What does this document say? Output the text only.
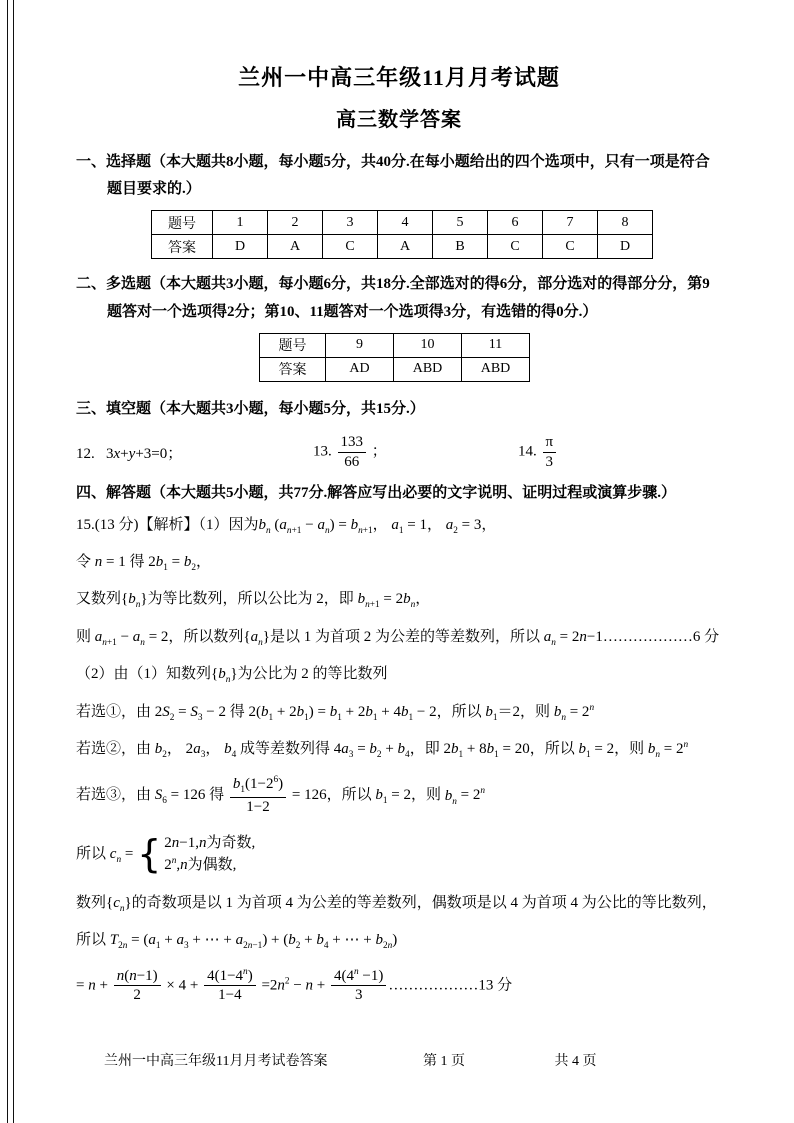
兰州一中高三年级11月月考试题
高三数学答案

一、选择题（本大题共8小题，每小题5分，共40分.在每小题给出的四个选项中，只有一项是符合题目要求的.）

题号	1	2	3	4	5	6	7	8
答案	D	A	C	A	B	C	C	D

二、多选题（本大题共3小题，每小题6分，共18分.全部选对的得6分，部分选对的得部分分，第9题答对一个选项得2分；第10、11题答对一个选项得3分，有选错的得0分.）

题号	9	10	11
答案	AD	ABD	ABD

三、填空题（本大题共3小题，每小题5分，共15分.）

12.   3x+y+3=0；	13. $\frac{133}{66}$ ；	14. $\frac{\pi}{3}$

四、解答题（本大题共5小题，共77分.解答应写出必要的文字说明、证明过程或演算步骤.）

15.(13 分)【解析】（1）因为$b_n$ $(a_{n+1} - a_n) = b_{n+1}$， $a_1 = 1$， $a_2 = 3$，

令 n = 1 得 $2b_1 = b_2$，

又数列$\{b_n\}$为等比数列，所以公比为 2，即 $b_{n+1} = 2b_n$，

则 $a_{n+1} - a_n = 2$，所以数列$\{a_n\}$是以 1 为首项 2 为公差的等差数列，所以 $a_n$ = 2n−1………………6 分

（2）由（1）知数列$\{b_n\}$为公比为 2 的等比数列

若选①，由 $2S_2 = S_3 - 2$ 得 $2(b_1 + 2b_1) = b_1 + 2b_1 + 4b_1 - 2$，所以 $b_1=2$，则 $b_n = 2^n$

若选②，由 $b_2$， $2a_3$， $b_4$ 成等差数列得 $4a_3 = b_2 + b_4$，即 $2b_1 + 8b_1 = 20$，所以 $b_1 = 2$，则 $b_n = 2^n$

若选③，由 $S_6 = 126$ 得 $\frac{b_1(1-2^6)}{1-2} = 126$，所以 $b_1 = 2$，则 $b_n = 2^n$

所以 $c_n$ = { 2n−1,n为奇数,
2$^n$,n为偶数,

数列$\{c_n\}$的奇数项是以 1 为首项 4 为公差的等差数列，偶数项是以 4 为首项 4 为公比的等比数列，

所以 $T_{2n} = (a_1 + a_3$ + ⋯ + $a_{2n-1}) + (b_2 + b_4$ + ⋯ + $b_{2n}$)

= $n + \frac{n(n-1)}{2} \times 4 + \frac{4(1-4^n)}{1-4} =2n^2 - n + \frac{4(4^n -1)}{3}$ ………………13 分

兰州一中高三年级11月月考试卷答案	第 1 页	共 4 页
